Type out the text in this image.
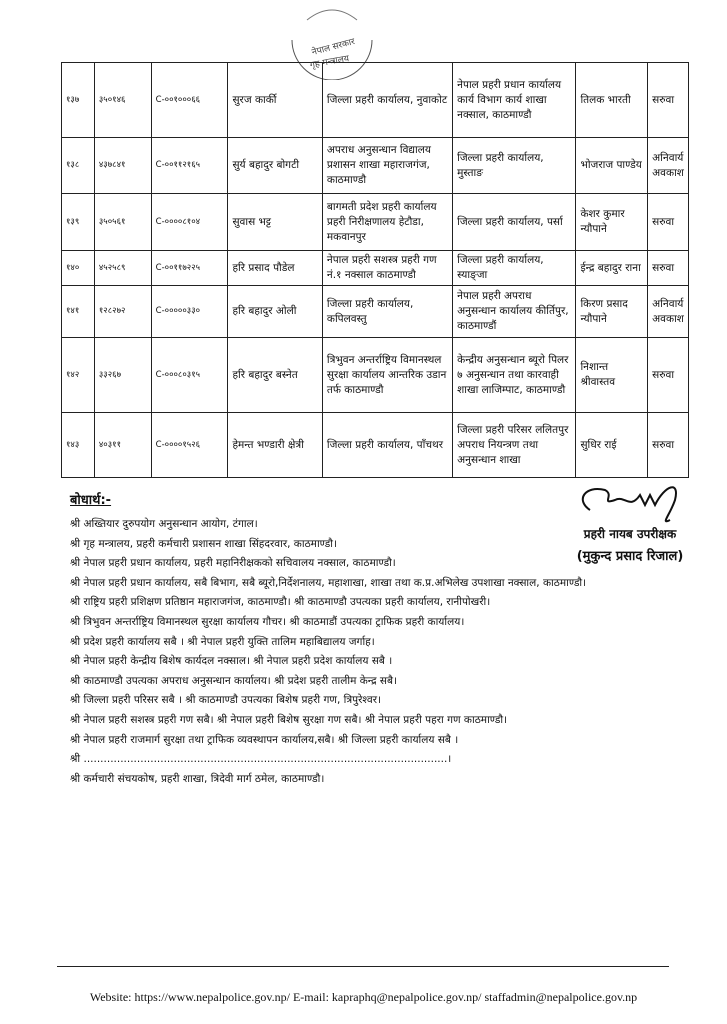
नेपाल सरकार
गृह मन्त्रालय
१३७	३५०१४६	C-००१०००६६	सुरज कार्की	जिल्ला प्रहरी कार्यालय, नुवाकोट	नेपाल प्रहरी प्रधान कार्यालय कार्य विभाग कार्य शाखा नक्साल, काठमाण्डौ	तिलक भारती	सरुवा
१३८	४३७८४१	C-००११२१६५	सुर्य बहादुर बोगटी	अपराध अनुसन्धान विद्यालय प्रशासन शाखा महाराजगंज, काठमाण्डौ	जिल्ला प्रहरी कार्यालय, मुस्ताङ	भोजराज पाण्डेय	अनिवार्य अवकाश
१३९	३५०५६१	C-००००८१०४	सुवास भट्ट	बागमती प्रदेश प्रहरी कार्यालय प्रहरी निरीक्षणालय हेटौडा, मकवानपुर	जिल्ला प्रहरी कार्यालय, पर्सा	केशर कुमार न्यौपाने	सरुवा
१४०	४५२५८९	C-००११७२२५	हरि प्रसाद पौडेल	नेपाल प्रहरी सशस्त्र प्रहरी गण नं.१ नक्साल काठमाण्डौ	जिल्ला प्रहरी कार्यालय, स्याङ्जा	ईन्द्र बहादुर राना	सरुवा
१४१	१२८२७२	C-०००००३३०	हरि बहादुर ओली	जिल्ला प्रहरी कार्यालय, कपिलवस्तु	नेपाल प्रहरी अपराध अनुसन्धान कार्यालय कीर्तिपुर, काठमाण्डौं	किरण प्रसाद न्यौपाने	अनिवार्य अवकाश
१४२	३३२६७	C-०००८०३१५	हरि बहादुर बस्नेत	त्रिभुवन अन्तर्राष्ट्रिय विमानस्थल सुरक्षा कार्यालय आन्तरिक उडान तर्फ काठमाण्डौ	केन्द्रीय अनुसन्धान ब्यूरो पिलर ७ अनुसन्धान तथा कारवाही शाखा लाजिम्पाट, काठमाण्डौ	निशान्त श्रीवास्तव	सरुवा
१४३	४०३११	C-००००१५२६	हेमन्त भण्डारी क्षेत्री	जिल्ला प्रहरी कार्यालय, पाँचथर	जिल्ला प्रहरी परिसर ललितपुर अपराध नियन्त्रण तथा अनुसन्धान शाखा	सुधिर राई	सरुवा
बोधार्थ:-
श्री अख्तियार दुरुपयोग अनुसन्धान आयोग, टंगाल।
श्री गृह मन्त्रालय, प्रहरी कर्मचारी प्रशासन शाखा सिंहदरवार, काठमाण्डौ।
श्री नेपाल प्रहरी प्रधान कार्यालय, प्रहरी महानिरीक्षकको सचिवालय नक्साल, काठमाण्डौ।
श्री नेपाल प्रहरी प्रधान कार्यालय, सबै बिभाग, सबै ब्यूरो,निर्देशनालय, महाशाखा, शाखा तथा क.प्र.अभिलेख उपशाखा नक्साल, काठमाण्डौ।
श्री राष्ट्रिय प्रहरी प्रशिक्षण प्रतिष्ठान महाराजगंज, काठमाण्डौ। श्री काठमाण्डौ उपत्यका प्रहरी कार्यालय, रानीपोखरी।
श्री त्रिभुवन अन्तर्राष्ट्रिय विमानस्थल सुरक्षा कार्यालय गौचर। श्री काठमाडौं उपत्यका ट्राफिक प्रहरी कार्यालय।
श्री प्रदेश प्रहरी कार्यालय सबै । श्री नेपाल प्रहरी युक्ति तालिम महाबिद्यालय जर्गाह।
श्री नेपाल प्रहरी केन्द्रीय बिशेष कार्यदल नक्साल। श्री नेपाल प्रहरी प्रदेश कार्यालय सबै ।
श्री काठमाण्डौ उपत्यका अपराध अनुसन्धान कार्यालय। श्री प्रदेश प्रहरी तालीम केन्द्र सबै।
श्री जिल्ला प्रहरी परिसर सबै । श्री काठमाण्डौ उपत्यका बिशेष प्रहरी गण, त्रिपुरेश्वर।
श्री नेपाल प्रहरी सशस्त्र प्रहरी गण सबै। श्री नेपाल प्रहरी बिशेष सुरक्षा गण सबै। श्री नेपाल प्रहरी पहरा गण काठमाण्डौ।
श्री नेपाल प्रहरी राजमार्ग सुरक्षा तथा ट्राफिक व्यवस्थापन कार्यालय,सबै। श्री जिल्ला प्रहरी कार्यालय सबै ।
श्री .............................................................................................................।
श्री कर्मचारी संचयकोष, प्रहरी शाखा, त्रिदेवी मार्ग ठमेल, काठमाण्डौ।
प्रहरी नायब उपरीक्षक
(मुकुन्द प्रसाद रिजाल)
Website: https://www.nepalpolice.gov.np/ E-mail: kapraphq@nepalpolice.gov.np/ staffadmin@nepalpolice.gov.np
